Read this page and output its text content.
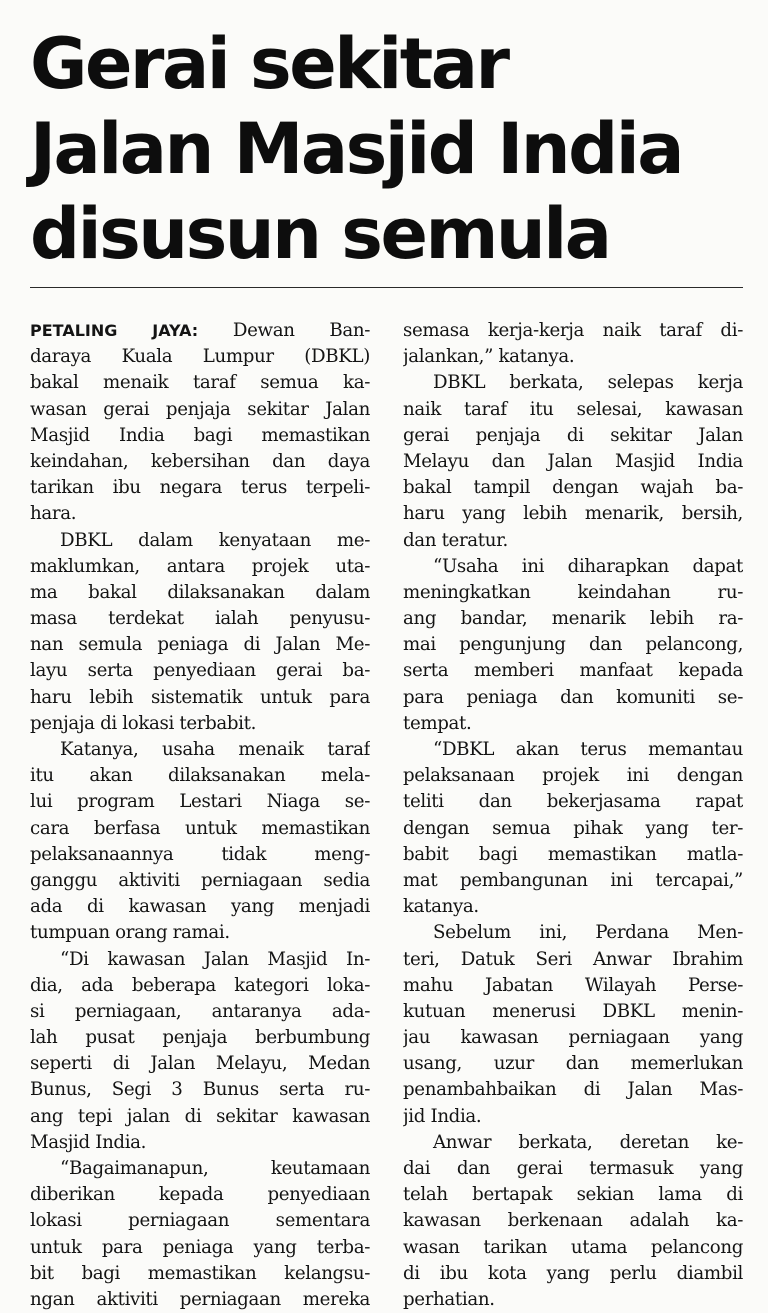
Gerai sekitar
Jalan Masjid India
disusun semula
PETALING JAYA: Dewan Ban-
daraya Kuala Lumpur (DBKL)
bakal menaik taraf semua ka-
wasan gerai penjaja sekitar Jalan
Masjid India bagi memastikan
keindahan, kebersihan dan daya
tarikan ibu negara terus terpeli-
hara.
DBKL dalam kenyataan me-
maklumkan, antara projek uta-
ma bakal dilaksanakan dalam
masa terdekat ialah penyusu-
nan semula peniaga di Jalan Me-
layu serta penyediaan gerai ba-
haru lebih sistematik untuk para
penjaja di lokasi terbabit.
Katanya, usaha menaik taraf
itu akan dilaksanakan mela-
lui program Lestari Niaga se-
cara berfasa untuk memastikan
pelaksanaannya tidak meng-
ganggu aktiviti perniagaan sedia
ada di kawasan yang menjadi
tumpuan orang ramai.
“Di kawasan Jalan Masjid In-
dia, ada beberapa kategori loka-
si perniagaan, antaranya ada-
lah pusat penjaja berbumbung
seperti di Jalan Melayu, Medan
Bunus, Segi 3 Bunus serta ru-
ang tepi jalan di sekitar kawasan
Masjid India.
“Bagaimanapun, keutamaan
diberikan kepada penyediaan
lokasi perniagaan sementara
untuk para peniaga yang terba-
bit bagi memastikan kelangsu-
ngan aktiviti perniagaan mereka
semasa kerja-kerja naik taraf di-
jalankan,” katanya.
DBKL berkata, selepas kerja
naik taraf itu selesai, kawasan
gerai penjaja di sekitar Jalan
Melayu dan Jalan Masjid India
bakal tampil dengan wajah ba-
haru yang lebih menarik, bersih,
dan teratur.
“Usaha ini diharapkan dapat
meningkatkan keindahan ru-
ang bandar, menarik lebih ra-
mai pengunjung dan pelancong,
serta memberi manfaat kepada
para peniaga dan komuniti se-
tempat.
“DBKL akan terus memantau
pelaksanaan projek ini dengan
teliti dan bekerjasama rapat
dengan semua pihak yang ter-
babit bagi memastikan matla-
mat pembangunan ini tercapai,”
katanya.
Sebelum ini, Perdana Men-
teri, Datuk Seri Anwar Ibrahim
mahu Jabatan Wilayah Perse-
kutuan menerusi DBKL menin-
jau kawasan perniagaan yang
usang, uzur dan memerlukan
penambahbaikan di Jalan Mas-
jid India.
Anwar berkata, deretan ke-
dai dan gerai termasuk yang
telah bertapak sekian lama di
kawasan berkenaan adalah ka-
wasan tarikan utama pelancong
di ibu kota yang perlu diambil
perhatian.
